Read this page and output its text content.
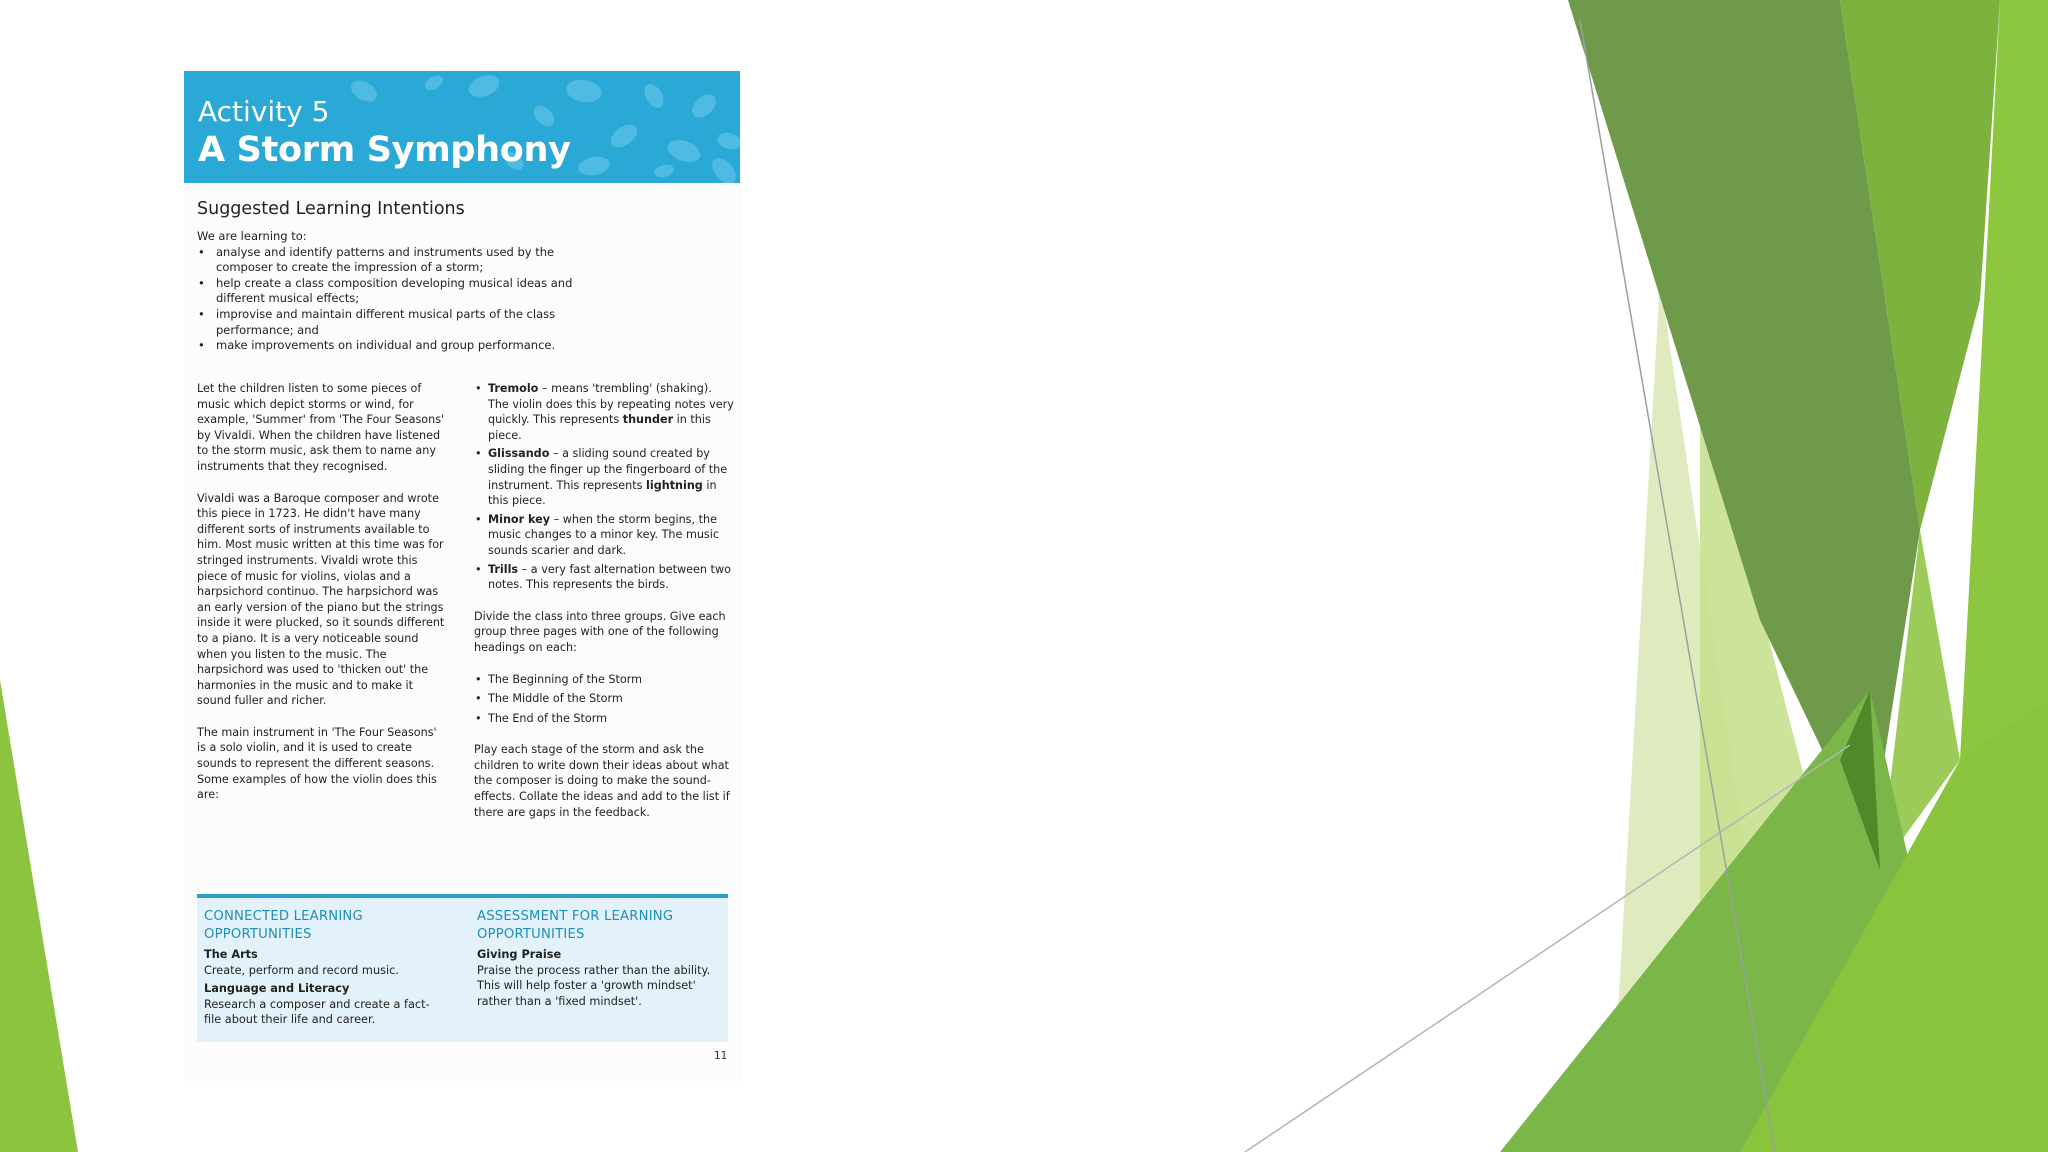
Activity 5
A Storm Symphony
Suggested Learning Intentions
We are learning to:
• analyse and identify patterns and instruments used by the composer to create the impression of a storm;
• help create a class composition developing musical ideas and different musical effects;
• improvise and maintain different musical parts of the class performance; and
• make improvements on individual and group performance.

Let the children listen to some pieces of music which depict storms or wind, for example, 'Summer' from 'The Four Seasons' by Vivaldi. When the children have listened to the storm music, ask them to name any instruments that they recognised.

Vivaldi was a Baroque composer and wrote this piece in 1723. He didn't have many different sorts of instruments available to him. Most music written at this time was for stringed instruments. Vivaldi wrote this piece of music for violins, violas and a harpsichord continuo. The harpsichord was an early version of the piano but the strings inside it were plucked, so it sounds different to a piano. It is a very noticeable sound when you listen to the music. The harpsichord was used to 'thicken out' the harmonies in the music and to make it sound fuller and richer.

The main instrument in 'The Four Seasons' is a solo violin, and it is used to create sounds to represent the different seasons. Some examples of how the violin does this are:

• Tremolo – means 'trembling' (shaking). The violin does this by repeating notes very quickly. This represents thunder in this piece.
• Glissando – a sliding sound created by sliding the finger up the fingerboard of the instrument. This represents lightning in this piece.
• Minor key – when the storm begins, the music changes to a minor key. The music sounds scarier and dark.
• Trills – a very fast alternation between two notes. This represents the birds.

Divide the class into three groups. Give each group three pages with one of the following headings on each:

• The Beginning of the Storm
• The Middle of the Storm
• The End of the Storm

Play each stage of the storm and ask the children to write down their ideas about what the composer is doing to make the sound-effects. Collate the ideas and add to the list if there are gaps in the feedback.

CONNECTED LEARNING OPPORTUNITIES
The Arts
Create, perform and record music.
Language and Literacy
Research a composer and create a fact-file about their life and career.
ASSESSMENT FOR LEARNING OPPORTUNITIES
Giving Praise
Praise the process rather than the ability. This will help foster a 'growth mindset' rather than a 'fixed mindset'.
11
